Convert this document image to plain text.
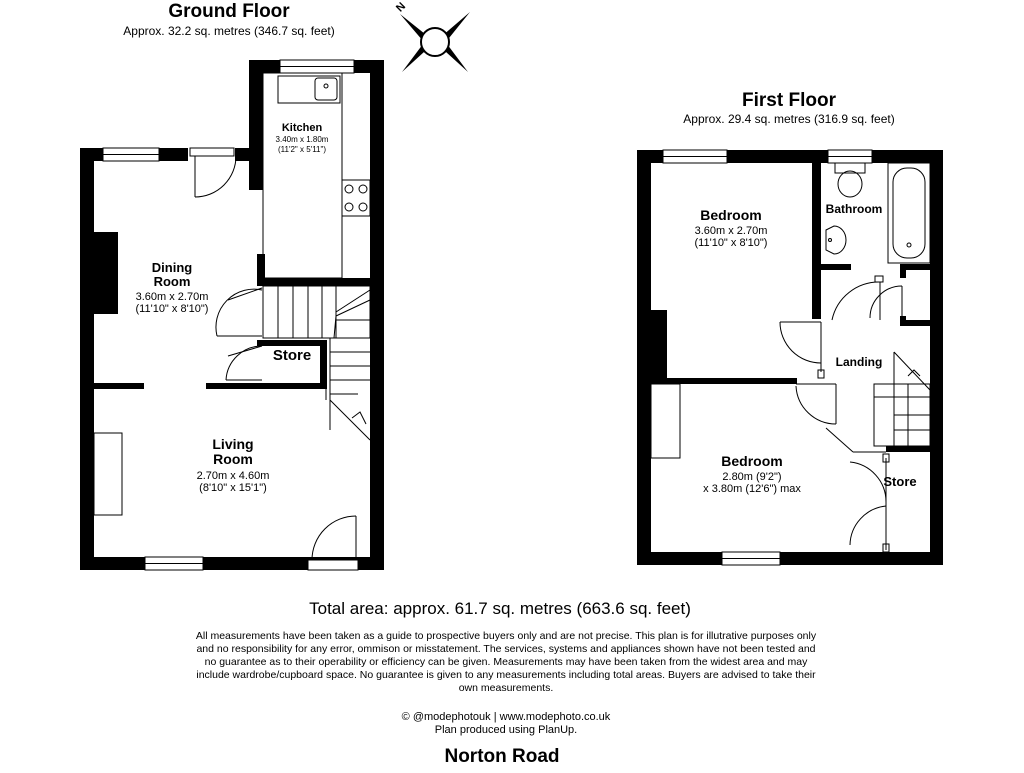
Ground Floor
Approx. 32.2 sq. metres (346.7 sq. feet)
N
Kitchen
3.40m x 1.80m
(11'2" x 5'11")
Dining
Room
3.60m x 2.70m
(11'10" x 8'10")
Store
Living
Room
2.70m x 4.60m
(8'10" x 15'1")
First Floor
Approx. 29.4 sq. metres (316.9 sq. feet)
Bedroom
3.60m x 2.70m
(11'10" x 8'10")
Bathroom
Landing
Bedroom
2.80m (9'2")
x 3.80m (12'6") max	Store
Total area: approx. 61.7 sq. metres (663.6 sq. feet)
All measurements have been taken as a guide to prospective buyers only and are not precise. This plan is for illutrative purposes only
and no responsibility for any error, ommison or misstatement. The services, systems and appliances shown have not been tested and
no guarantee as to their operability or efficiency can be given. Measurements may have been taken from the widest area and may
include wardrobe/cupboard space. No guarantee is given to any measurements including total areas. Buyers are advised to take their
own measurements.
© @modephotouk | www.modephoto.co.uk
Plan produced using PlanUp.
Norton Road
